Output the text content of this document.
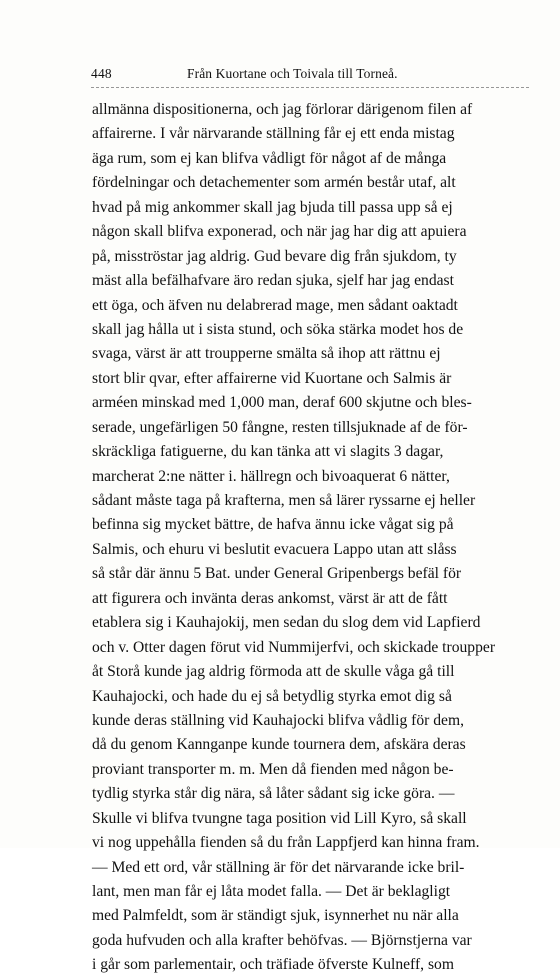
448	Från Kuortane och Toivala till Torneå.
allmänna dispositionerna, och jag förlorar därigenom filen af
affairerne. I vår närvarande ställning får ej ett enda mistag
äga rum, som ej kan blifva vådligt för något af de många
fördelningar och detachementer som armén består utaf, alt
hvad på mig ankommer skall jag bjuda till passa upp så ej
någon skall blifva exponerad, och när jag har dig att apuiera
på, misströstar jag aldrig. Gud bevare dig från sjukdom, ty
mäst alla befälhafvare äro redan sjuka, sjelf har jag endast
ett öga, och äfven nu delabrerad mage, men sådant oaktadt
skall jag hålla ut i sista stund, och söka stärka modet hos de
svaga, värst är att troupperne smälta så ihop att rättnu ej
stort blir qvar, efter affairerne vid Kuortane och Salmis är
arméen minskad med 1,000 man, deraf 600 skjutne och bles-
serade, ungefärligen 50 fångne, resten tillsjuknade af de för-
skräckliga fatiguerne, du kan tänka att vi slagits 3 dagar,
marcherat 2:ne nätter i. hällregn och bivoaquerat 6 nätter,
sådant måste taga på krafterna, men så lärer ryssarne ej heller
befinna sig mycket bättre, de hafva ännu icke vågat sig på
Salmis, och ehuru vi beslutit evacuera Lappo utan att slåss
så står där ännu 5 Bat. under General Gripenbergs befäl för
att figurera och invänta deras ankomst, värst är att de fått
etablera sig i Kauhajokij, men sedan du slog dem vid Lapfierd
och v. Otter dagen förut vid Nummijerfvi, och skickade troupper
åt Storå kunde jag aldrig förmoda att de skulle våga gå till
Kauhajocki, och hade du ej så betydlig styrka emot dig så
kunde deras ställning vid Kauhajocki blifva vådlig för dem,
då du genom Kannganpe kunde tournera dem, afskära deras
proviant transporter m. m. Men då fienden med någon be-
tydlig styrka står dig nära, så låter sådant sig icke göra. —
Skulle vi blifva tvungne taga position vid Lill Kyro, så skall
vi nog uppehålla fienden så du från Lappfjerd kan hinna fram.
— Med ett ord, vår ställning är för det närvarande icke bril-
lant, men man får ej låta modet falla. — Det är beklagligt
med Palmfeldt, som är ständigt sjuk, isynnerhet nu när alla
goda hufvuden och alla krafter behöfvas. — Björnstjerna var
i går som parlementair, och träfiade öfverste Kulneff, som
